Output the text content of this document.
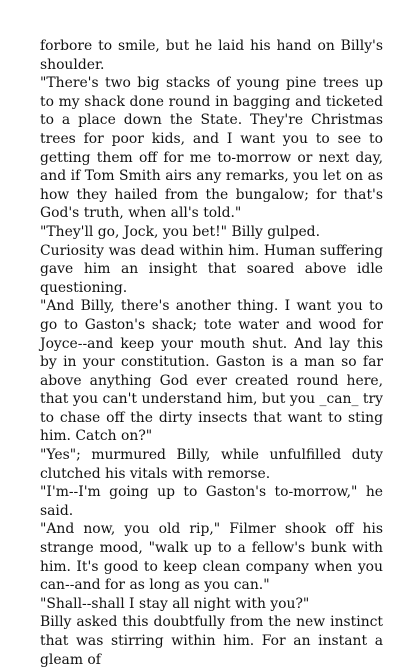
forbore to smile, but he laid his hand on Billy's shoulder.

"There's two big stacks of young pine trees up to my shack done round in bagging and ticketed to a place down the State. They're Christmas trees for poor kids, and I want you to see to getting them off for me to-morrow or next day, and if Tom Smith airs any remarks, you let on as how they hailed from the bungalow; for that's God's truth, when all's told."

"They'll go, Jock, you bet!" Billy gulped.

Curiosity was dead within him. Human suffering gave him an insight that soared above idle questioning.

"And Billy, there's another thing. I want you to go to Gaston's shack; tote water and wood for Joyce--and keep your mouth shut. And lay this by in your constitution. Gaston is a man so far above anything God ever created round here, that you can't understand him, but you _can_ try to chase off the dirty insects that want to sting him. Catch on?"

"Yes"; murmured Billy, while unfulfilled duty clutched his vitals with remorse.

"I'm--I'm going up to Gaston's to-morrow," he said.

"And now, you old rip," Filmer shook off his strange mood, "walk up to a fellow's bunk with him. It's good to keep clean company when you can--and for as long as you can."

"Shall--shall I stay all night with you?"

Billy asked this doubtfully from the new instinct that was stirring within him. For an instant a gleam of
